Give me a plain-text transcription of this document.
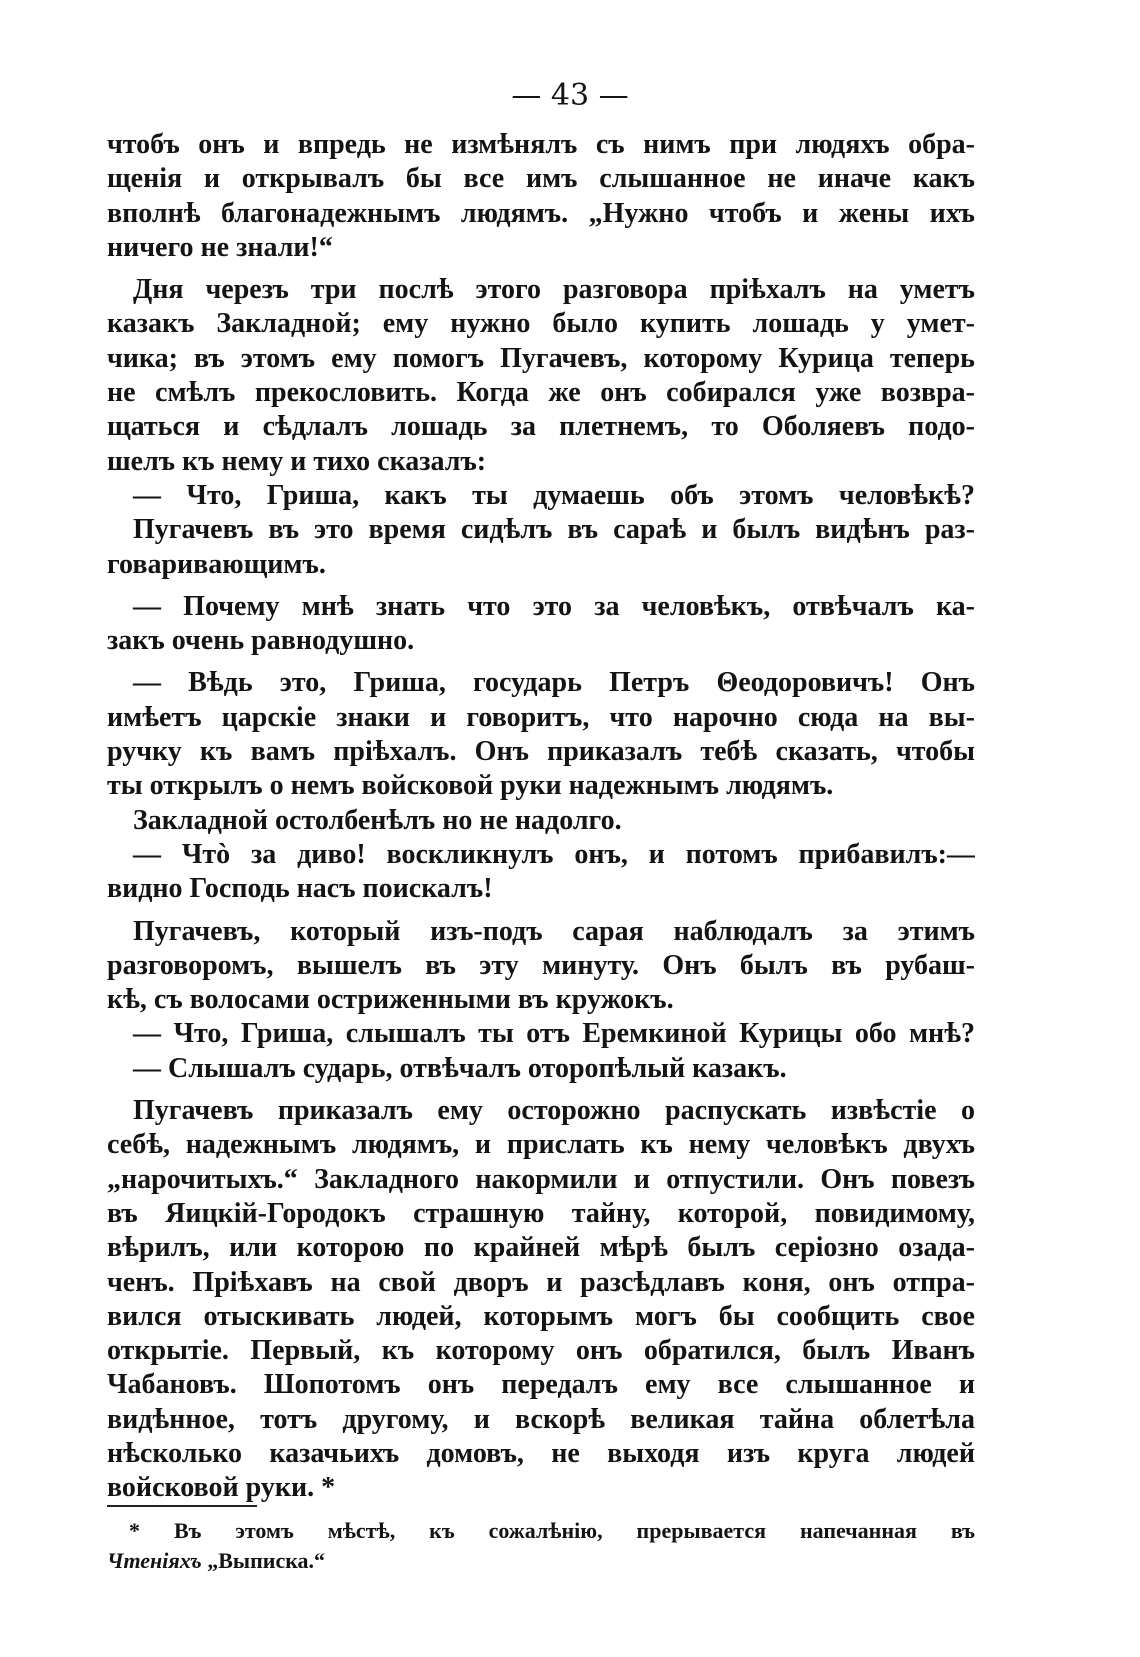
— 43 —
чтобъ онъ и впредь не измѣнялъ съ нимъ при людяхъ обра-
щенія и открывалъ бы все имъ слышанное не иначе какъ
вполнѣ благонадежнымъ людямъ. „Нужно чтобъ и жены ихъ
ничего не знали!“
Дня черезъ три послѣ этого разговора пріѣхалъ на уметъ
казакъ Закладной; ему нужно было купить лошадь у умет-
чика; въ этомъ ему помогъ Пугачевъ, которому Курица теперь
не смѣлъ прекословить. Когда же онъ собирался уже возвра-
щаться и сѣдлалъ лошадь за плетнемъ, то Оболяевъ подо-
шелъ къ нему и тихо сказалъ:
— Что, Гриша, какъ ты думаешь объ этомъ человѣкѣ?
Пугачевъ въ это время сидѣлъ въ сараѣ и былъ видѣнъ раз-
говаривающимъ.
— Почему мнѣ знать что это за человѣкъ, отвѣчалъ ка-
закъ очень равнодушно.
— Вѣдь это, Гриша, государь Петръ Θеодоровичъ! Онъ
имѣетъ царскіе знаки и говоритъ, что нарочно сюда на вы-
ручку къ вамъ пріѣхалъ. Онъ приказалъ тебѣ сказать, чтобы
ты открылъ о немъ войсковой руки надежнымъ людямъ.
Закладной остолбенѣлъ но не надолго.
— Чтò за диво! воскликнулъ онъ, и потомъ прибавилъ:—
видно Господь насъ поискалъ!
Пугачевъ, который изъ-подъ сарая наблюдалъ за этимъ
разговоромъ, вышелъ въ эту минуту. Онъ былъ въ рубаш-
кѣ, съ волосами остриженными въ кружокъ.
— Что, Гриша, слышалъ ты отъ Еремкиной Курицы обо мнѣ?
— Слышалъ сударь, отвѣчалъ оторопѣлый казакъ.
Пугачевъ приказалъ ему осторожно распускать извѣстіе о
себѣ, надежнымъ людямъ, и прислать къ нему человѣкъ двухъ
„нарочитыхъ.“ Закладного накормили и отпустили. Онъ повезъ
въ Яицкій-Городокъ страшную тайну, которой, повидимому,
вѣрилъ, или которою по крайней мѣрѣ былъ серіозно озада-
ченъ. Пріѣхавъ на свой дворъ и разсѣдлавъ коня, онъ отпра-
вился отыскивать людей, которымъ могъ бы сообщить свое
открытіе. Первый, къ которому онъ обратился, былъ Иванъ
Чабановъ. Шопотомъ онъ передалъ ему все слышанное и
видѣнное, тотъ другому, и вскорѣ великая тайна облетѣла
нѣсколько казачьихъ домовъ, не выходя изъ круга людей
войсковой руки. *
* Въ этомъ мѣстѣ, къ сожалѣнію, прерывается напечанная въ
Чтеніяхъ „Выписка.“
